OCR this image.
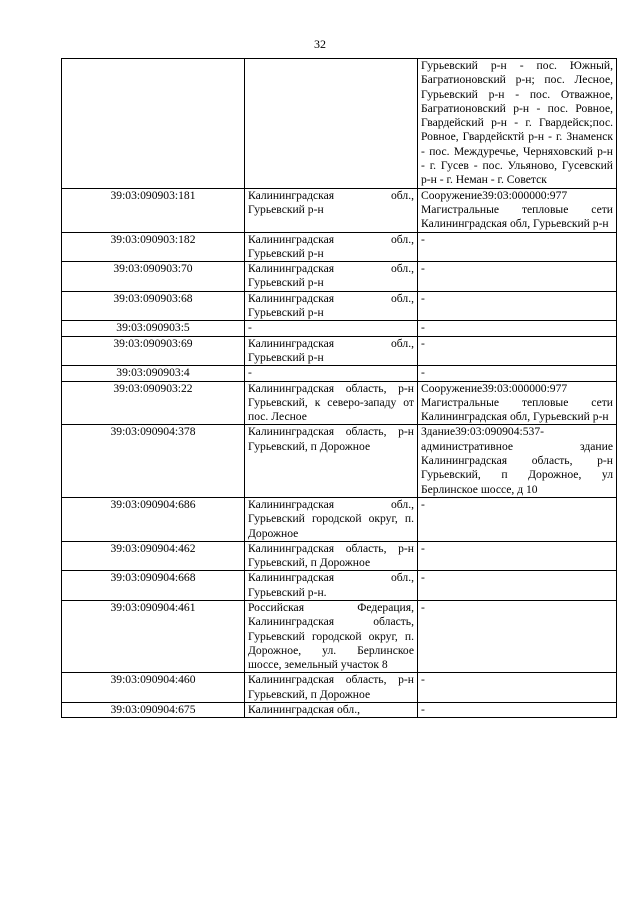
32
		Гурьевский р-н - пос. Южный, Багратионовский р-н; пос. Лесное, Гурьевский р-н - пос. Отважное, Багратионовский р-н - пос. Ровное, Гвардейский р-н - г. Гвардейск;пос. Ровное, Гвардейсктй р-н - г. Знаменск - пос. Междуречье, Черняховский р-н - г. Гусев - пос. Ульяново, Гусевский р-н - г. Неман - г. Советск
39:03:090903:181	Калининградская обл., Гурьевский р-н	Сооружение39:03:000000:977 Магистральные тепловые сети Калининградская обл, Гурьевский р-н
39:03:090903:182	Калининградская обл., Гурьевский р-н	-
39:03:090903:70	Калининградская обл., Гурьевский р-н	-
39:03:090903:68	Калининградская обл., Гурьевский р-н	-
39:03:090903:5	-	-
39:03:090903:69	Калининградская обл., Гурьевский р-н	-
39:03:090903:4	-	-
39:03:090903:22	Калининградская область, р-н Гурьевский, к северо-западу от пос. Лесное	Сооружение39:03:000000:977 Магистральные тепловые сети Калининградская обл, Гурьевский р-н
39:03:090904:378	Калининградская область, р-н Гурьевский, п Дорожное	Здание39:03:090904:537-административное здание Калининградская область, р-н Гурьевский, п Дорожное, ул Берлинское шоссе, д 10
39:03:090904:686	Калининградская обл., Гурьевский городской округ, п. Дорожное	-
39:03:090904:462	Калининградская область, р-н Гурьевский, п Дорожное	-
39:03:090904:668	Калининградская обл., Гурьевский р-н.	-
39:03:090904:461	Российская Федерация, Калининградская область, Гурьевский городской округ, п. Дорожное, ул. Берлинское шоссе, земельный участок 8	-
39:03:090904:460	Калининградская область, р-н Гурьевский, п Дорожное	-
39:03:090904:675	Калининградская обл.,	-
